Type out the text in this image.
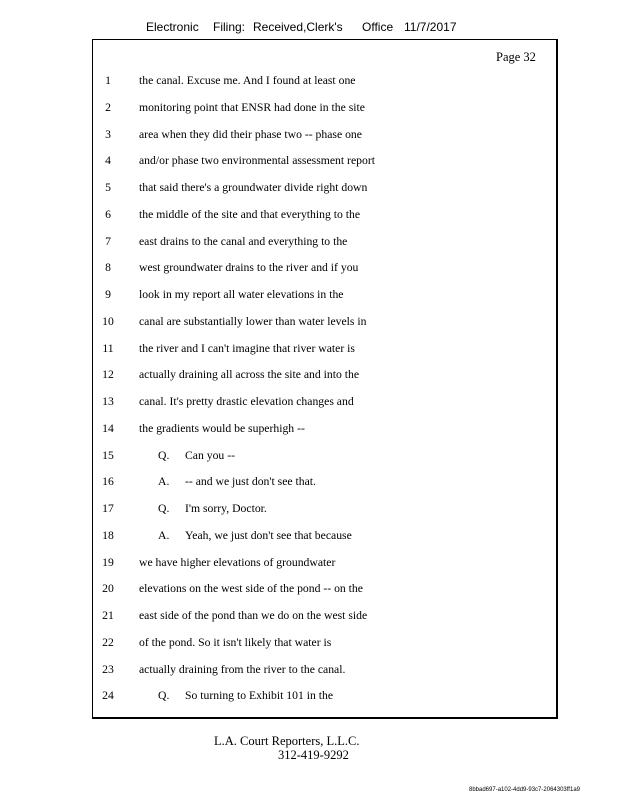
Electronic Filing: Received,Clerk's Office 11/7/2017
Page 32
1	the canal. Excuse me. And I found at least one
2	monitoring point that ENSR had done in the site
3	area when they did their phase two -- phase one
4	and/or phase two environmental assessment report
5	that said there's a groundwater divide right down
6	the middle of the site and that everything to the
7	east drains to the canal and everything to the
8	west groundwater drains to the river and if you
9	look in my report all water elevations in the
10	canal are substantially lower than water levels in
11	the river and I can't imagine that river water is
12	actually draining all across the site and into the
13	canal. It's pretty drastic elevation changes and
14	the gradients would be superhigh --
15	Q. Can you --
16	A. -- and we just don't see that.
17	Q. I'm sorry, Doctor.
18	A. Yeah, we just don't see that because
19	we have higher elevations of groundwater
20	elevations on the west side of the pond -- on the
21	east side of the pond than we do on the west side
22	of the pond. So it isn't likely that water is
23	actually draining from the river to the canal.
24	Q. So turning to Exhibit 101 in the
L.A. Court Reporters, L.L.C.
312-419-9292
8bbad697-a102-4dd9-93c7-2064303ff1a9
